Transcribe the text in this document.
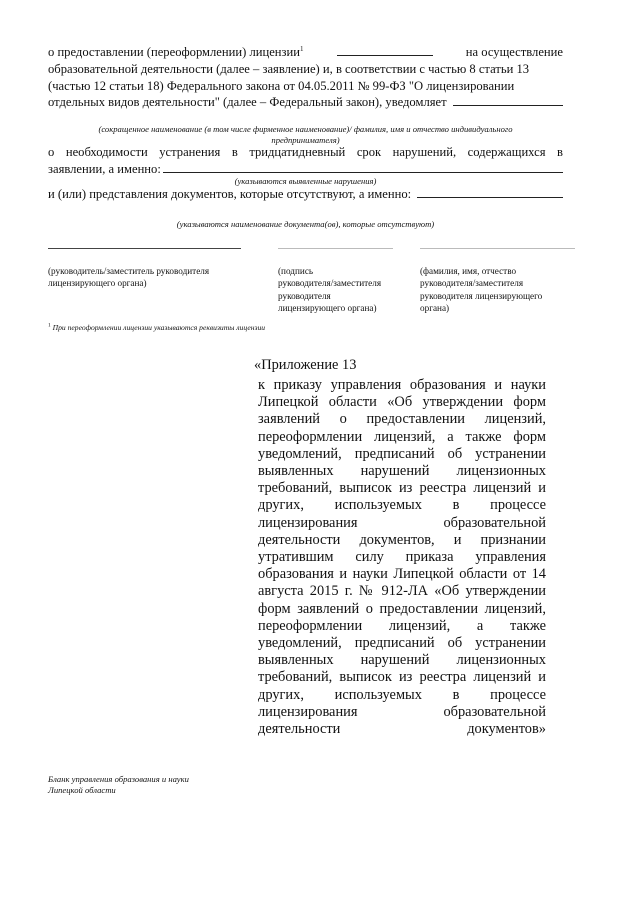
о предоставлении (переоформлении) лицензии$^1$	на осуществление
образовательной деятельности (далее – заявление) и, в соответствии с частью 8 статьи 13
(частью 12 статьи 18) Федерального закона от 04.05.2011 № 99-ФЗ "О лицензировании
отдельных видов деятельности" (далее – Федеральный закон), уведомляет
(сокращенное наименование (в том числе фирменное наименование)/ фамилия, имя и отчество индивидуального
предпринимателя)
о необходимости устранения в тридцатидневный срок нарушений, содержащихся в
заявлении, а именно:
(указываются выявленные нарушения)
и (или) представления документов, которые отсутствуют, а именно:
(указываются наименование документа(ов), которые отсутствуют)
(руководитель/заместитель руководителя
лицензирующего органа)
(подпись
руководителя/заместителя
руководителя
лицензирующего органа)
(фамилия, имя, отчество
руководителя/заместителя
руководителя лицензирующего
органа)
$^1$ При переоформлении лицензии указываются реквизиты лицензии
«Приложение 13
к приказу управления образования и науки Липецкой области «Об утверждении форм заявлений о предоставлении лицензий, переоформлении лицензий, а также форм уведомлений, предписаний об устранении выявленных нарушений лицензионных требований, выписок из реестра лицензий и других, используемых в процессе лицензирования образовательной деятельности документов, и признании утратившим силу приказа управления образования и науки Липецкой области от 14 августа 2015 г. № 912-ЛА «Об утверждении форм заявлений о предоставлении лицензий, переоформлении лицензий, а также уведомлений, предписаний об устранении выявленных нарушений лицензионных требований, выписок из реестра лицензий и других, используемых в процессе лицензирования образовательной деятельности документов»
Бланк управления образования и науки
Липецкой области
